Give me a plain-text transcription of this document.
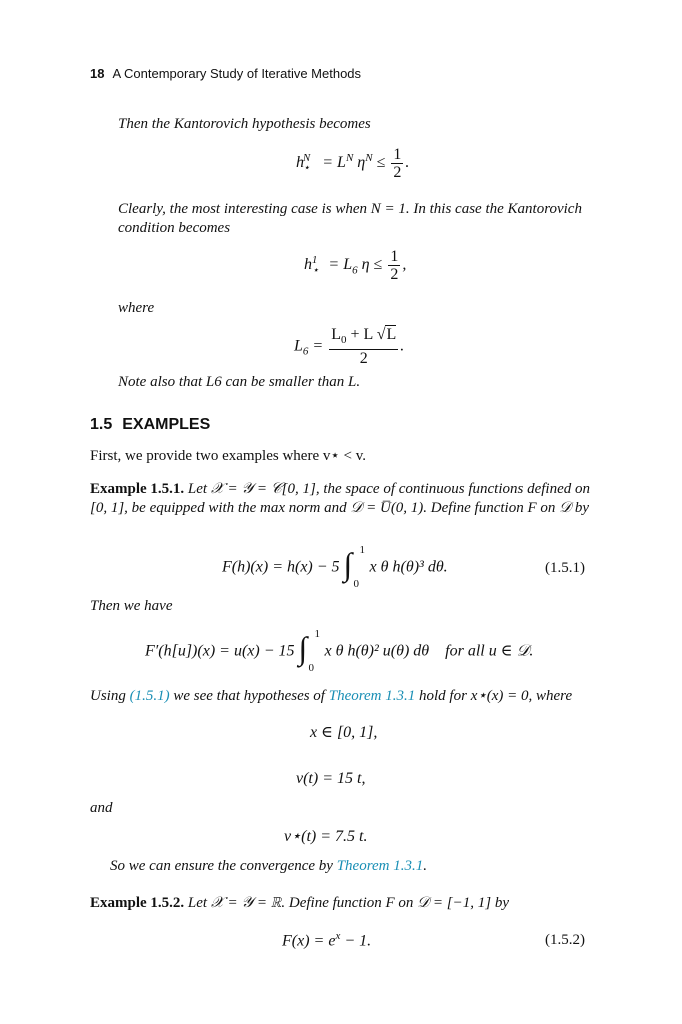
18 A Contemporary Study of Iterative Methods
Then the Kantorovich hypothesis becomes
$h_⋆^N = L^N$ $\eta^N \le \frac{1}{2}$ .
Clearly, the most interesting case is when N = 1. In this case the Kantorovich condition becomes
$h_⋆^1 = L_6$ $\eta \le \frac{1}{2}$ ,
where
$L_6 = \frac{L_0 + L √L}{2}$ .
Note also that L6 can be smaller than L.
1.5 EXAMPLES
First, we provide two examples where v⋆ < v.
Example 1.5.1. Let 𝒳 = 𝒴 = 𝒞[0, 1], the space of continuous functions defined on [0, 1], be equipped with the max norm and 𝒟 = U̅(0, 1). Define function F on 𝒟 by
F(h)(x) = h(x) − 5 ∫ 1
0
x θ h(θ)³ dθ.	(1.5.1)
Then we have
F′(h[u])(x) = u(x) − 15 ∫ 1
0
x θ h(θ)² u(θ) dθ for all u ∈ 𝒟.
Using (1.5.1) we see that hypotheses of Theorem 1.3.1 hold for x⋆(x) = 0, where
x ∈ [0, 1],
v(t) = 15 t,
and
v⋆(t) = 7.5 t.
So we can ensure the convergence by Theorem 1.3.1.
Example 1.5.2. Let 𝒳 = 𝒴 = ℝ. Define function F on 𝒟 = [−1, 1] by
$F(x) = e^x - 1$.	(1.5.2)
